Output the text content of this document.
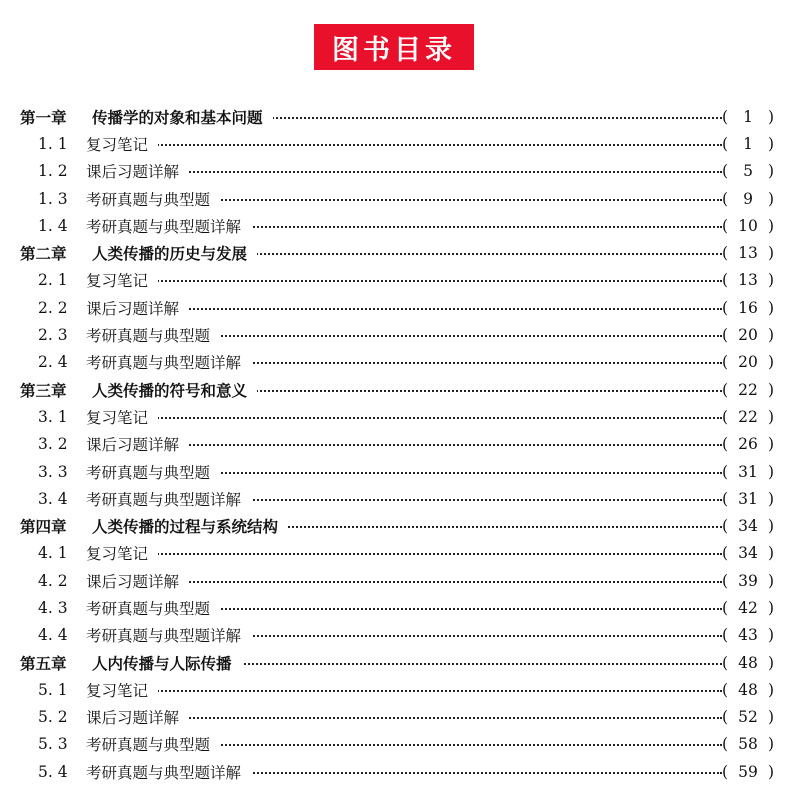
图书目录
第一章 传播学的对象和基本问题	( 1 )
1. 1 复习笔记	( 1 )
1. 2 课后习题详解	( 5 )
1. 3 考研真题与典型题	( 9 )
1. 4 考研真题与典型题详解	( 10 )
第二章 人类传播的历史与发展	( 13 )
2. 1 复习笔记	( 13 )
2. 2 课后习题详解	( 16 )
2. 3 考研真题与典型题	( 20 )
2. 4 考研真题与典型题详解	( 20 )
第三章 人类传播的符号和意义	( 22 )
3. 1 复习笔记	( 22 )
3. 2 课后习题详解	( 26 )
3. 3 考研真题与典型题	( 31 )
3. 4 考研真题与典型题详解	( 31 )
第四章 人类传播的过程与系统结构	( 34 )
4. 1 复习笔记	( 34 )
4. 2 课后习题详解	( 39 )
4. 3 考研真题与典型题	( 42 )
4. 4 考研真题与典型题详解	( 43 )
第五章 人内传播与人际传播	( 48 )
5. 1 复习笔记	( 48 )
5. 2 课后习题详解	( 52 )
5. 3 考研真题与典型题	( 58 )
5. 4 考研真题与典型题详解	( 59 )
